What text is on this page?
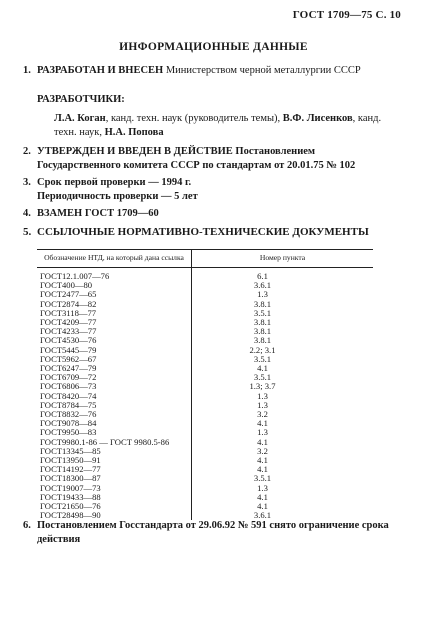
ГОСТ 1709—75 С. 10
ИНФОРМАЦИОННЫЕ ДАННЫЕ
1. РАЗРАБОТАН И ВНЕСЕН Министерством черной металлургии СССР
РАЗРАБОТЧИКИ:
Л.А. Коган, канд. техн. наук (руководитель темы), В.Ф. Лисенков, канд. техн. наук, Н.А. Попова
2. УТВЕРЖДЕН И ВВЕДЕН В ДЕЙСТВИЕ Постановлением Государственного комитета СССР по стандартам от 20.01.75 № 102
3. Срок первой проверки — 1994 г.
Периодичность проверки — 5 лет
4. ВЗАМЕН ГОСТ 1709—60
5. ССЫЛОЧНЫЕ НОРМАТИВНО-ТЕХНИЧЕСКИЕ ДОКУМЕНТЫ
Обозначение НТД, на который дана ссылка	Номер пункта
ГОСТ12.1.007—76	6.1
ГОСТ400—80	3.6.1
ГОСТ2477—65	1.3
ГОСТ2874—82	3.8.1
ГОСТ3118—77	3.5.1
ГОСТ4209—77	3.8.1
ГОСТ4233—77	3.8.1
ГОСТ4530—76	3.8.1
ГОСТ5445—79	2.2; 3.1
ГОСТ5962—67	3.5.1
ГОСТ6247—79	4.1
ГОСТ6709—72	3.5.1
ГОСТ6806—73	1.3; 3.7
ГОСТ8420—74	1.3
ГОСТ8784—75	1.3
ГОСТ8832—76	3.2
ГОСТ9078—84	4.1
ГОСТ9950—83	1.3
ГОСТ9980.1-86 — ГОСТ 9980.5-86	4.1
ГОСТ13345—85	3.2
ГОСТ13950—91	4.1
ГОСТ14192—77	4.1
ГОСТ18300—87	3.5.1
ГОСТ19007—73	1.3
ГОСТ19433—88	4.1
ГОСТ21650—76	4.1
ГОСТ28498—90	3.6.1
6. Постановлением Госстандарта от 29.06.92 № 591 снято ограничение срока действия
